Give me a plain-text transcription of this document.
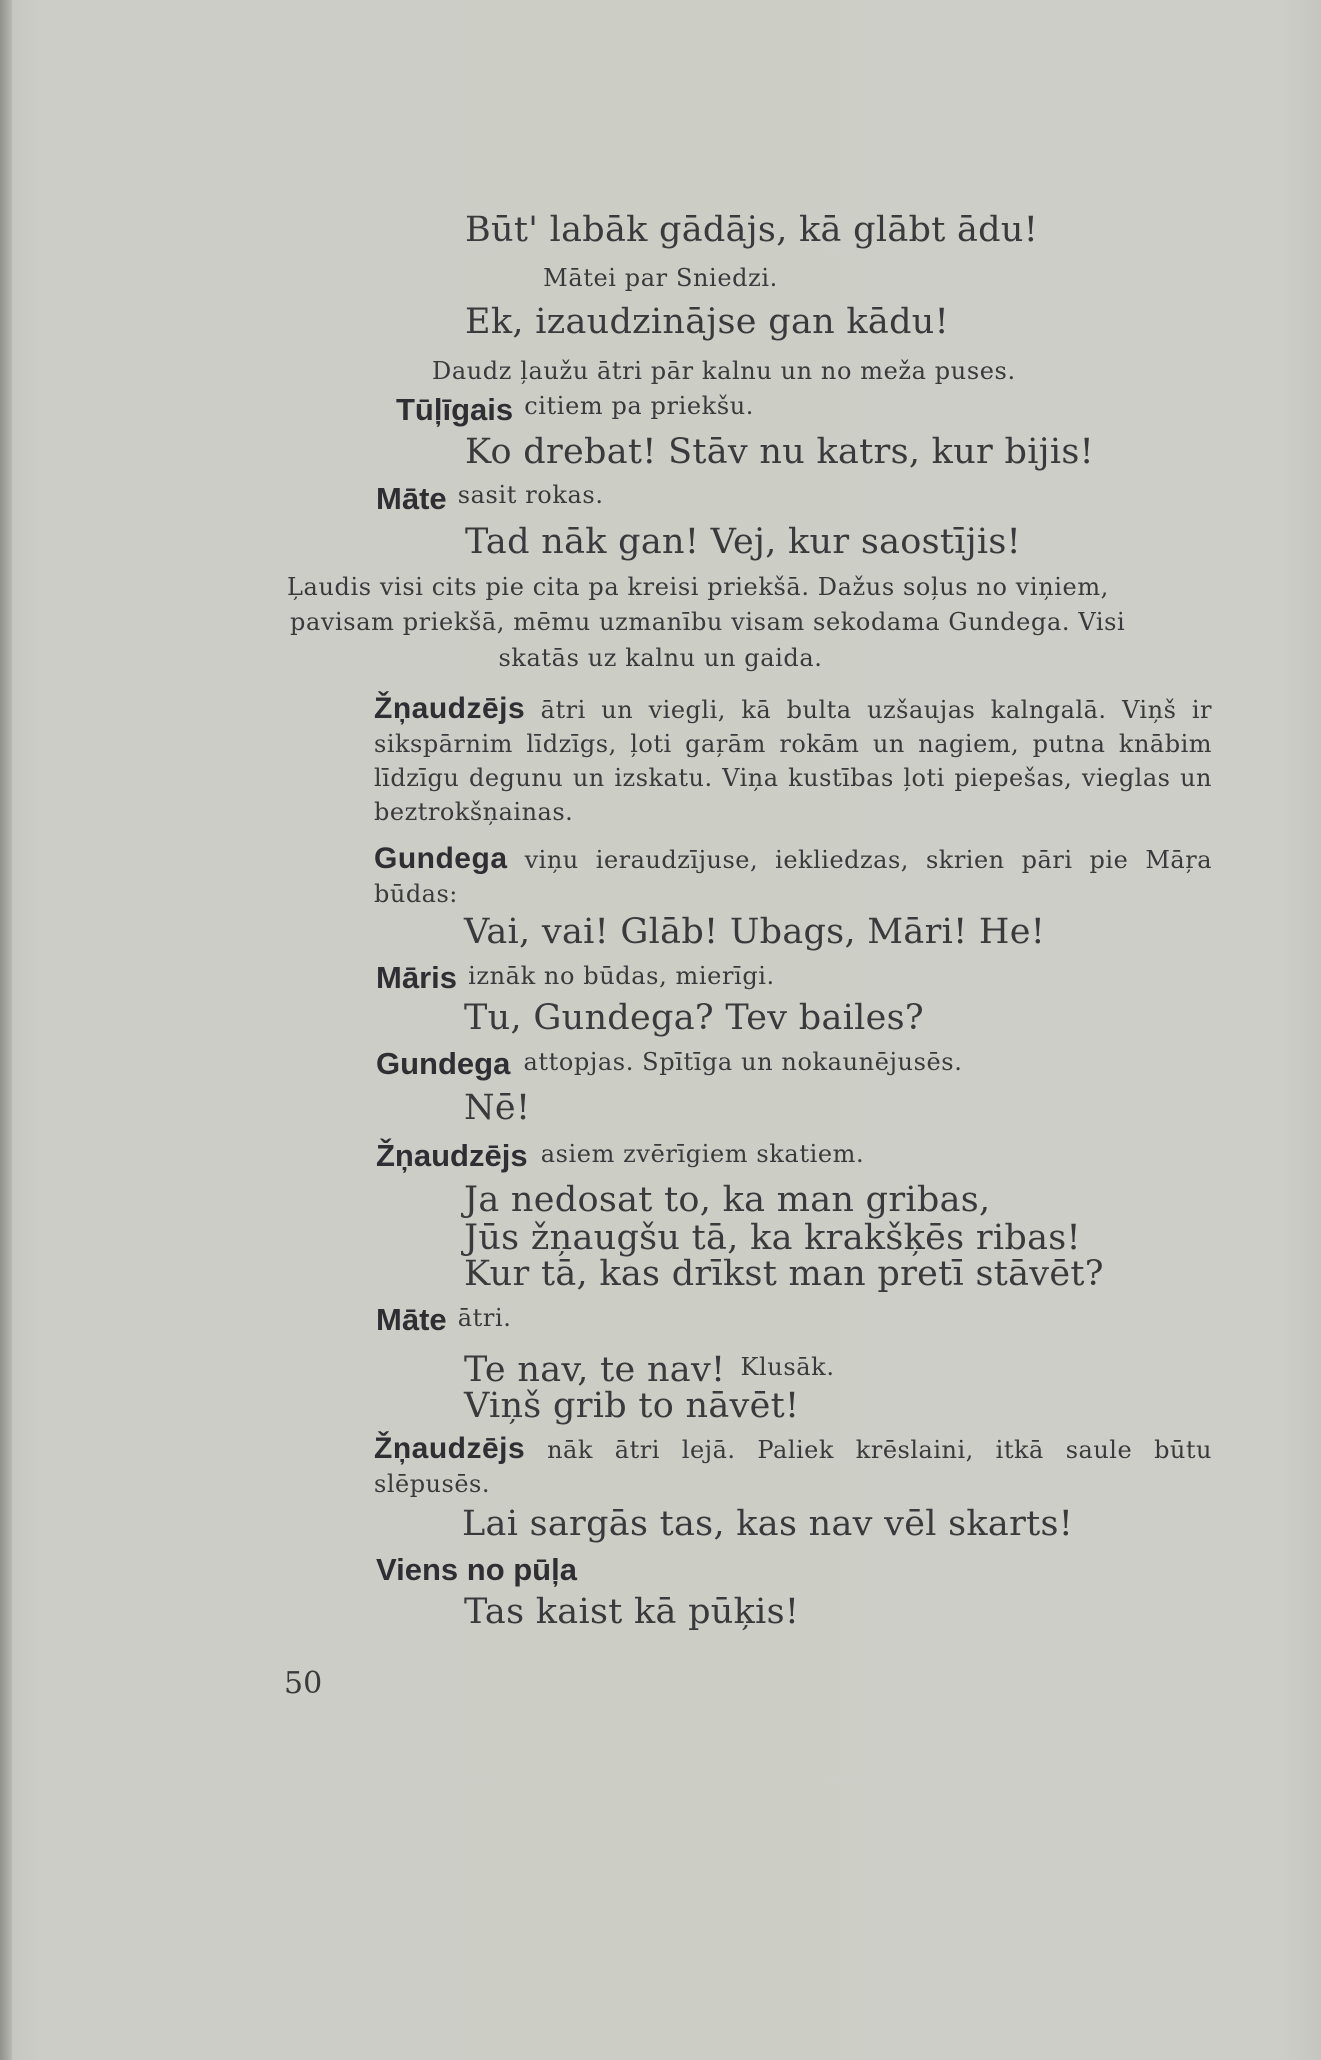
Būt' labāk gādājs, kā glābt ādu!
Mātei par Sniedzi.
Ek, izaudzinājse gan kādu!
Daudz ļaužu ātri pār kalnu un no meža puses.
Tūļīgais citiem pa priekšu.
Ko drebat! Stāv nu katrs, kur bijis!
Māte sasit rokas.
Tad nāk gan! Vej, kur saostījis!
Ļaudis visi cits pie cita pa kreisi priekšā. Dažus soļus no viņiem,
pavisam priekšā, mēmu uzmanību visam sekodama Gundega. Visi
skatās uz kalnu un gaida.
Žņaudzējs ātri un viegli, kā bulta uzšaujas kalngalā. Viņš ir sikspārnim līdzīgs, ļoti gaŗām rokām un nagiem, putna knābim līdzīgu degunu un izskatu. Viņa kustības ļoti piepešas, vieglas un beztrokšņainas.
Gundega viņu ieraudzījuse, iekliedzas, skrien pāri pie Māŗa būdas:
Vai, vai! Glāb! Ubags, Māri! He!
Māris iznāk no būdas, mierīgi.
Tu, Gundega? Tev bailes?
Gundega attopjas. Spītīga un nokaunējusēs.
Nē!
Žņaudzējs asiem zvērīgiem skatiem.
Ja nedosat to, ka man gribas,
Jūs žņaugšu tā, ka krakšķēs ribas!
Kur tā, kas drīkst man pretī stāvēt?
Māte ātri.
Te nav, te nav! Klusāk.
Viņš grib to nāvēt!
Žņaudzējs nāk ātri lejā. Paliek krēslaini, itkā saule būtu slēpusēs.
Lai sargās tas, kas nav vēl skarts!
Viens no pūļa
Tas kaist kā pūķis!
50
